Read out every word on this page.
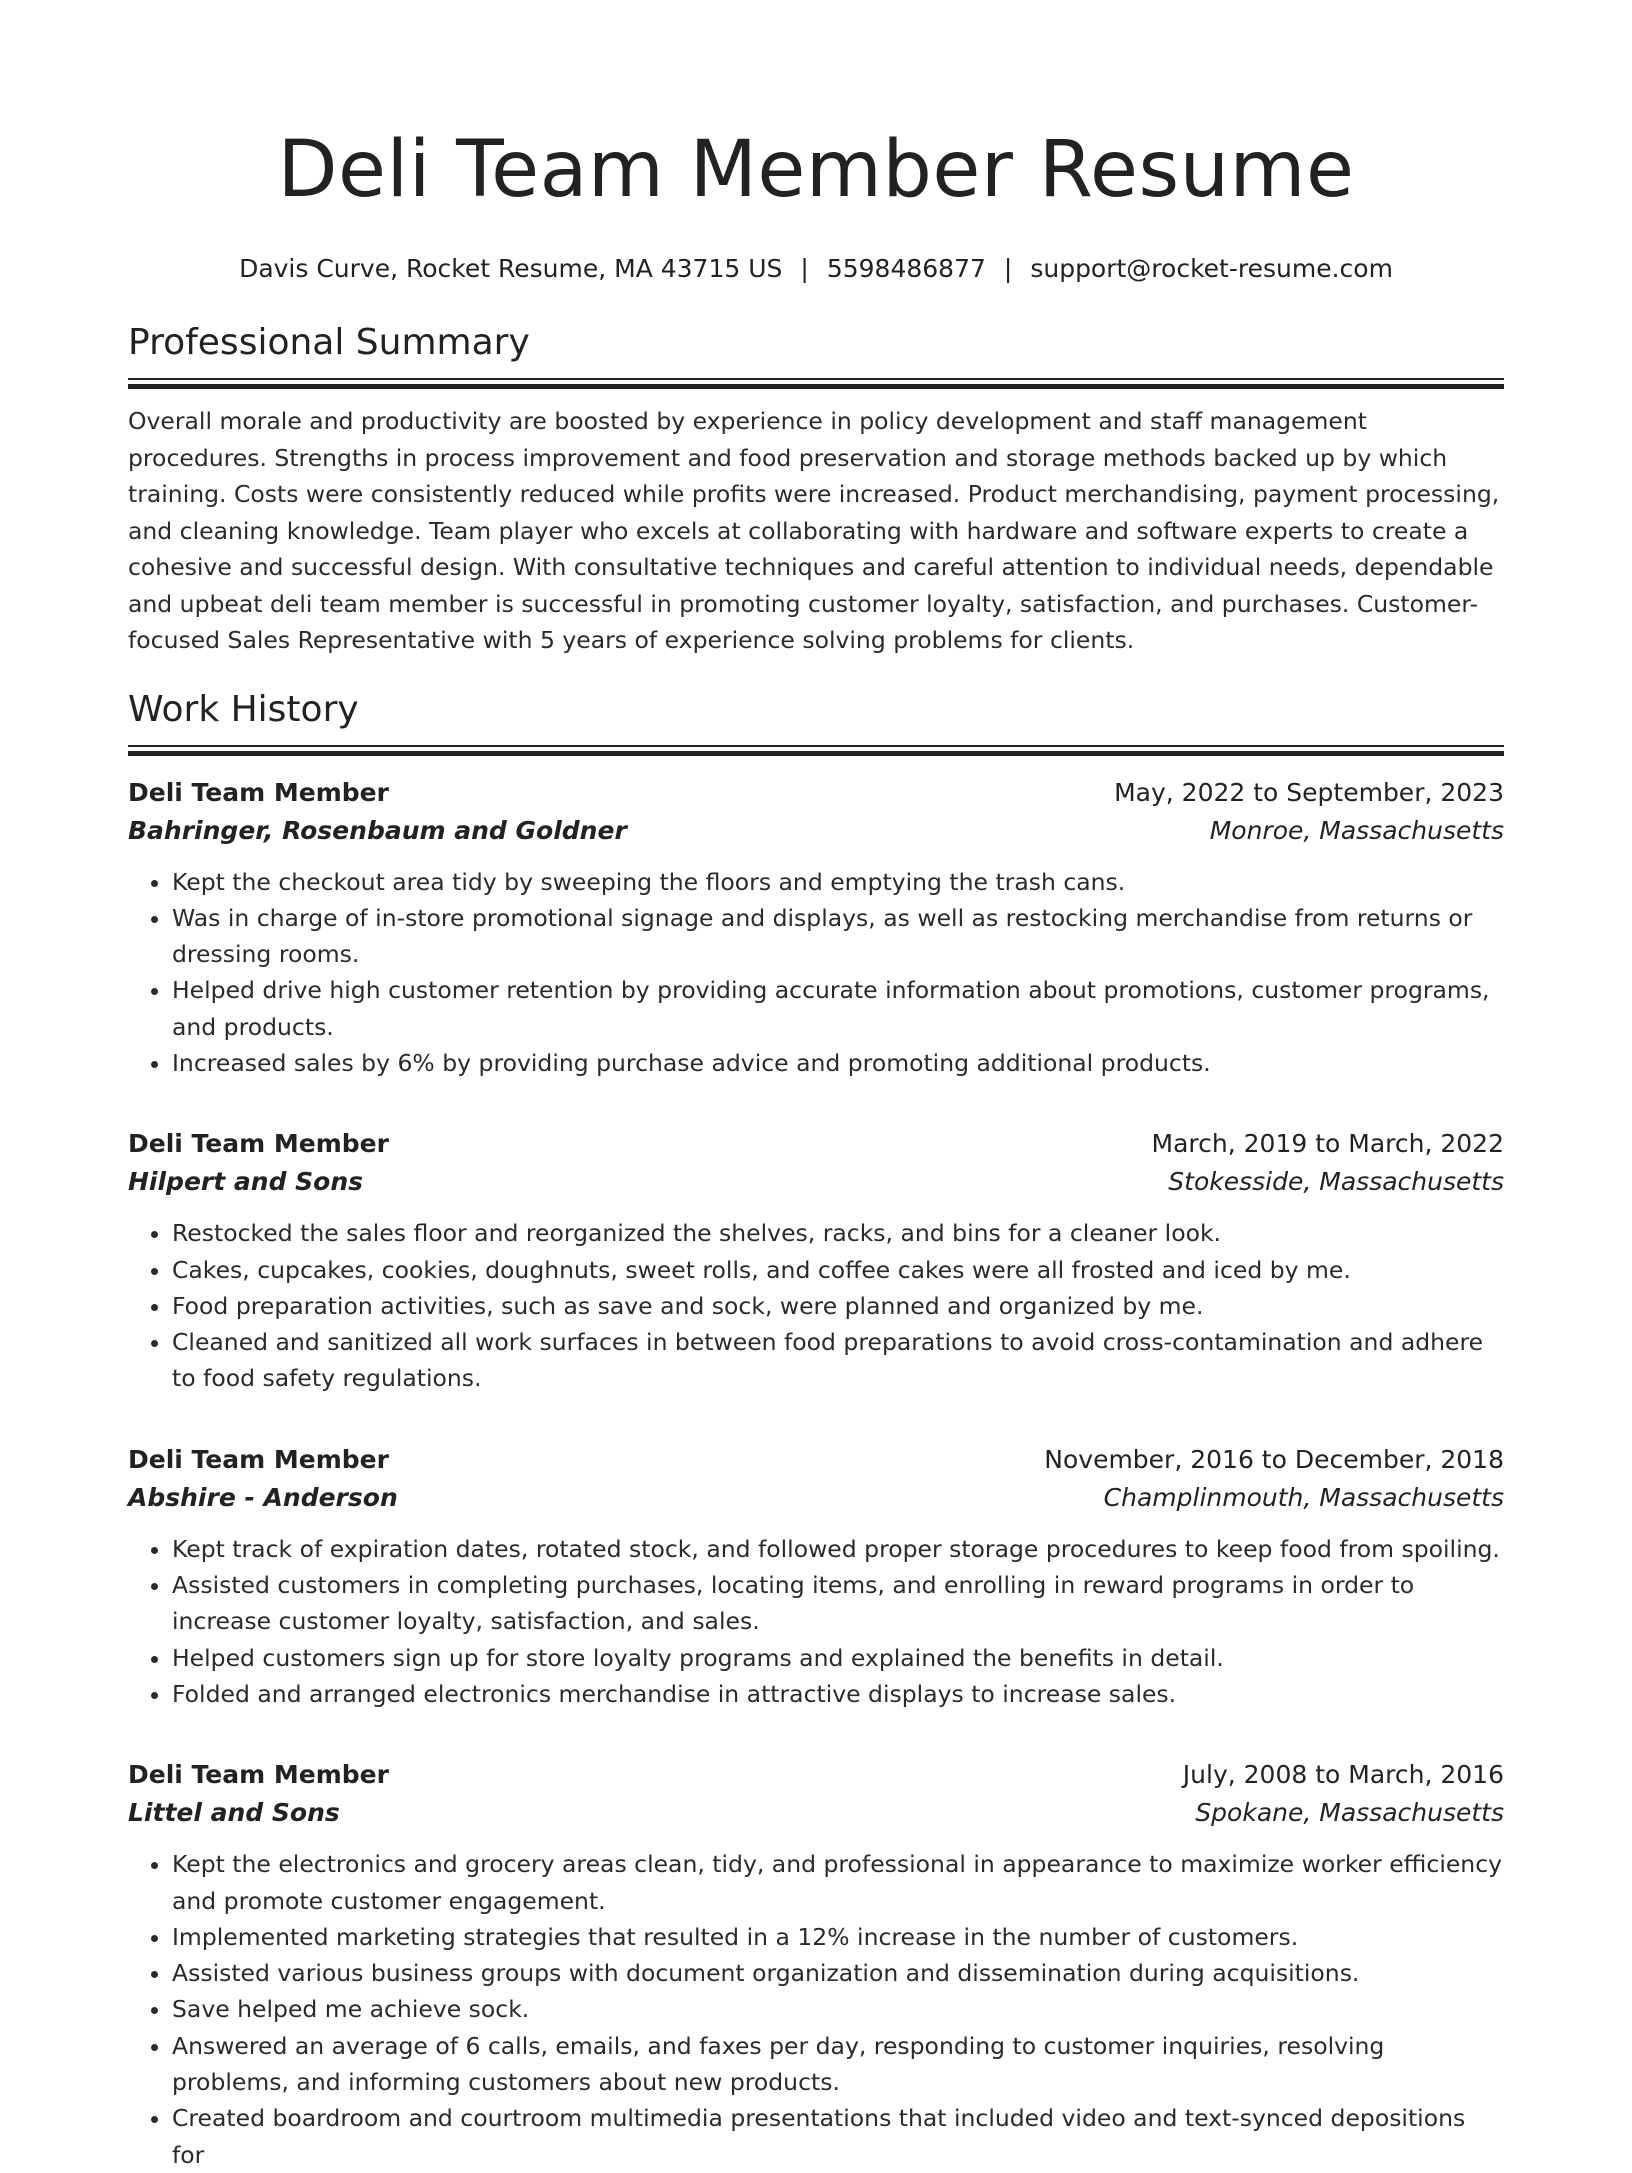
Deli Team Member Resume
Davis Curve, Rocket Resume, MA 43715 US | 5598486877 | support@rocket-resume.com
Professional Summary

Overall morale and productivity are boosted by experience in policy development and staff management procedures. Strengths in process improvement and food preservation and storage methods backed up by which training. Costs were consistently reduced while profits were increased. Product merchandising, payment processing, and cleaning knowledge. Team player who excels at collaborating with hardware and software experts to create a cohesive and successful design. With consultative techniques and careful attention to individual needs, dependable and upbeat deli team member is successful in promoting customer loyalty, satisfaction, and purchases. Customer-focused Sales Representative with 5 years of experience solving problems for clients.

Work History
Deli Team Member	May, 2022 to September, 2023
Bahringer, Rosenbaum and Goldner	Monroe, Massachusetts
• Kept the checkout area tidy by sweeping the floors and emptying the trash cans.
• Was in charge of in-store promotional signage and displays, as well as restocking merchandise from returns or dressing rooms.
• Helped drive high customer retention by providing accurate information about promotions, customer programs, and products.
• Increased sales by 6% by providing purchase advice and promoting additional products.
Deli Team Member	March, 2019 to March, 2022
Hilpert and Sons	Stokesside, Massachusetts
• Restocked the sales floor and reorganized the shelves, racks, and bins for a cleaner look.
• Cakes, cupcakes, cookies, doughnuts, sweet rolls, and coffee cakes were all frosted and iced by me.
• Food preparation activities, such as save and sock, were planned and organized by me.
• Cleaned and sanitized all work surfaces in between food preparations to avoid cross-contamination and adhere to food safety regulations.
Deli Team Member	November, 2016 to December, 2018
Abshire - Anderson	Champlinmouth, Massachusetts
• Kept track of expiration dates, rotated stock, and followed proper storage procedures to keep food from spoiling.
• Assisted customers in completing purchases, locating items, and enrolling in reward programs in order to increase customer loyalty, satisfaction, and sales.
• Helped customers sign up for store loyalty programs and explained the benefits in detail.
• Folded and arranged electronics merchandise in attractive displays to increase sales.
Deli Team Member	July, 2008 to March, 2016
Littel and Sons	Spokane, Massachusetts
• Kept the electronics and grocery areas clean, tidy, and professional in appearance to maximize worker efficiency and promote customer engagement.
• Implemented marketing strategies that resulted in a 12% increase in the number of customers.
• Assisted various business groups with document organization and dissemination during acquisitions.
• Save helped me achieve sock.
• Answered an average of 6 calls, emails, and faxes per day, responding to customer inquiries, resolving problems, and informing customers about new products.
• Created boardroom and courtroom multimedia presentations that included video and text-synced depositions for
